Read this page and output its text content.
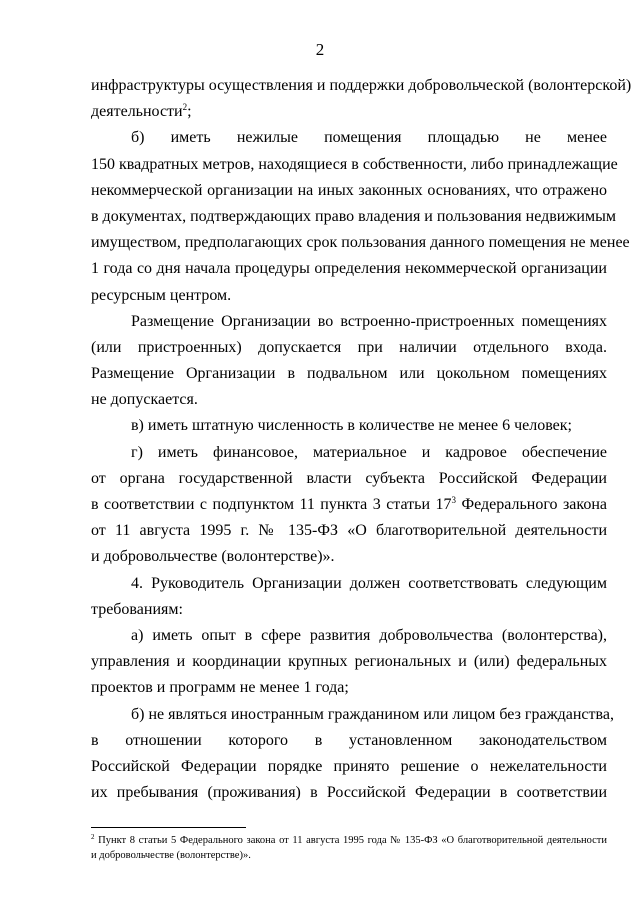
2
инфраструктуры осуществления и поддержки добровольческой (волонтерской)
деятельности$^2$;
б) иметь нежилые помещения площадью не менее
150 квадратных метров, находящиеся в собственности, либо принадлежащие
некоммерческой организации на иных законных основаниях, что отражено
в документах, подтверждающих право владения и пользования недвижимым
имуществом, предполагающих срок пользования данного помещения не менее
1 года со дня начала процедуры определения некоммерческой организации
ресурсным центром.
Размещение Организации во встроенно-пристроенных помещениях
(или пристроенных) допускается при наличии отдельного входа.
Размещение Организации в подвальном или цокольном помещениях
не допускается.
в) иметь штатную численность в количестве не менее 6 человек;
г) иметь финансовое, материальное и кадровое обеспечение
от органа государственной власти субъекта Российской Федерации
в соответствии с подпунктом 11 пункта 3 статьи $17^3$ Федерального закона
от 11 августа 1995 г. № 135-ФЗ «О благотворительной деятельности
и добровольчестве (волонтерстве)».
4. Руководитель Организации должен соответствовать следующим
требованиям:
а) иметь опыт в сфере развития добровольчества (волонтерства),
управления и координации крупных региональных и (или) федеральных
проектов и программ не менее 1 года;
б) не являться иностранным гражданином или лицом без гражданства,
в отношении которого в установленном законодательством
Российской Федерации порядке принято решение о нежелательности
их пребывания (проживания) в Российской Федерации в соответствии
$^2$ Пункт 8 статьи 5 Федерального закона от 11 августа 1995 года № 135-ФЗ «О благотворительной деятельности
и добровольчестве (волонтерстве)».
